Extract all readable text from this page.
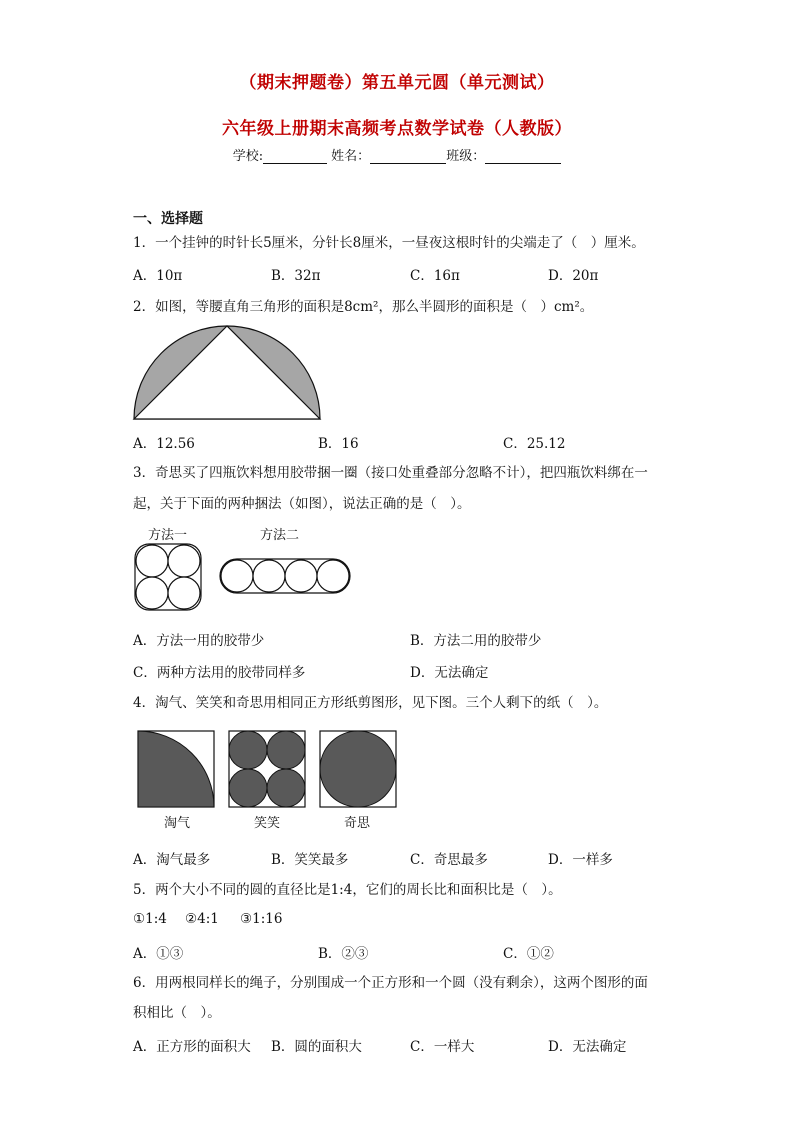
（期末押题卷）第五单元圆（单元测试）
六年级上册期末高频考点数学试卷（人教版）
学校:	姓名：	班级：
一、选择题
1．一个挂钟的时针长5厘米，分针长8厘米，一昼夜这根时针的尖端走了（　）厘米。
A．10π	B．32π	C．16π	D．20π
2．如图，等腰直角三角形的面积是8cm²，那么半圆形的面积是（　）cm²。
A．12.56	B．16	C．25.12
3．奇思买了四瓶饮料想用胶带捆一圈（接口处重叠部分忽略不计），把四瓶饮料绑在一
起，关于下面的两种捆法（如图），说法正确的是（　）。
方法一	方法二
A．方法一用的胶带少	B．方法二用的胶带少
C．两种方法用的胶带同样多	D．无法确定
4．淘气、笑笑和奇思用相同正方形纸剪图形，见下图。三个人剩下的纸（　）。
淘气	笑笑	奇思
A．淘气最多	B．笑笑最多	C．奇思最多	D．一样多
5．两个大小不同的圆的直径比是1:4，它们的周长比和面积比是（　）。
①1:4 ②4:1 ③1:16
A．①③	B．②③	C．①②
6．用两根同样长的绳子，分别围成一个正方形和一个圆（没有剩余），这两个图形的面
积相比（　）。
A．正方形的面积大 B．圆的面积大	C．一样大	D．无法确定
